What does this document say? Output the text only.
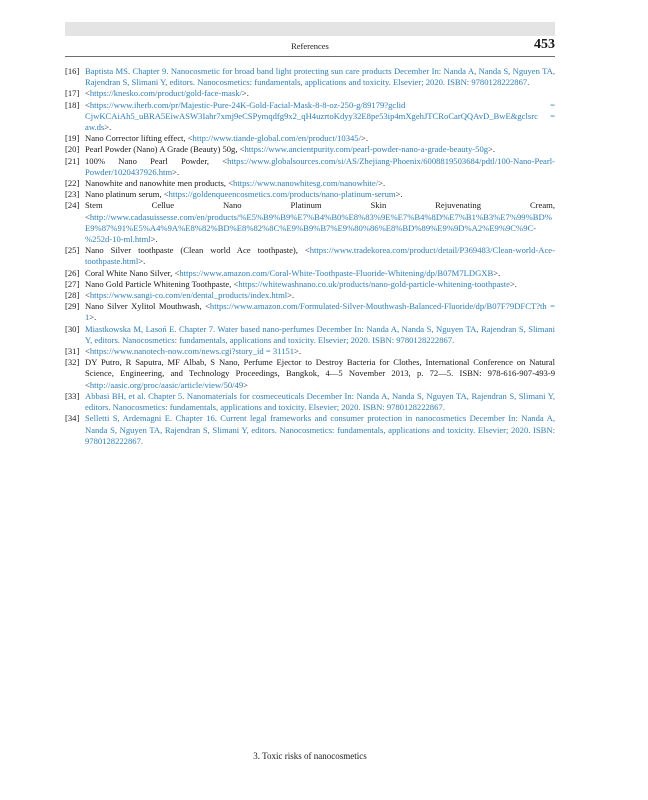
References	453
[16] Baptista MS. Chapter 9. Nanocosmetic for broad band light protecting sun care products December In: Nanda A, Nanda S, Nguyen TA, Rajendran S, Slimani Y, editors. Nanocosmetics: fundamentals, applications and toxicity. Elsevier; 2020. ISBN: 9780128222867.
[17] <https://knesko.com/product/gold-face-mask/>.
[18] <https://www.iherb.com/pr/Majestic-Pure-24K-Gold-Facial-Mask-8-8-oz-250-g/89179?gclid = CjwKCAiAh5_uBRA5EiwASW3Iahr7xmj9eCSPymqdfg9x2_qH4uzrtoKdyy32E8pe53ip4mXgehJTCRoCarQQAvD_BwE&gclsrc = aw.ds>.
[19] Nano Corrector lifting effect, <http://www.tiande-global.com/en/product/10345/>.
[20] Pearl Powder (Nano) A Grade (Beauty) 50g, <https://www.ancientpurity.com/pearl-powder-nano-a-grade-beauty-50g>.
[21] 100% Nano Pearl Powder, <https://www.globalsources.com/si/AS/Zhejiang-Phoenix/6008819503684/pdtl/100-Nano-Pearl-Powder/1020437926.htm>.
[22] Nanowhite and nanowhite men products, <https://www.nanowhitesg.com/nanowhite/>.
[23] Nano platinum serum, <https://goldenqueencosmetics.com/products/nano-platinum-serum>.
[24] Stem Cellue Nano Platinum Skin Rejuvenating Cream, <http://www.cadasuissesse.com/en/products/%E5%B9%B9%E7%B4%B0%E8%83%9E%E7%B4%8D%E7%B1%B3%E7%99%BD%E9%87%91%E5%A4%9A%E8%82%BD%E8%82%8C%E9%B9%B7%E9%80%86%E8%BD%89%E9%9D%A2%E9%9C%9C-%252d-10-ml.html>.
[25] Nano Silver toothpaste (Clean world Ace toothpaste), <https://www.tradekorea.com/product/detail/P369483/Clean-world-Ace-toothpaste.html>.
[26] Coral White Nano Silver, <https://www.amazon.com/Coral-White-Toothpaste-Fluoride-Whitening/dp/B07M7LDGXB>.
[27] Nano Gold Particle Whitening Toothpaste, <https://whitewashnano.co.uk/products/nano-gold-particle-whitening-toothpaste>.
[28] <https://www.sangi-co.com/en/dental_products/index.html>.
[29] Nano Silver Xylitol Mouthwash, <https://www.amazon.com/Formulated-Silver-Mouthwash-Balanced-Fluoride/dp/B07F79DFCT?th = 1>.
[30] Miastkowska M, Lasoń E. Chapter 7. Water based nano-perfumes December In: Nanda A, Nanda S, Nguyen TA, Rajendran S, Slimani Y, editors. Nanocosmetics: fundamentals, applications and toxicity. Elsevier; 2020. ISBN: 9780128222867.
[31] <https://www.nanotech-now.com/news.cgi?story_id = 31151>.
[32] DY Putro, R Saputra, MF Albab, S Nano, Perfume Ejector to Destroy Bacteria for Clothes, International Conference on Natural Science, Engineering, and Technology Proceedings, Bangkok, 4—5 November 2013, p. 72—5. ISBN: 978-616-907-493-9 <http://aasic.org/proc/aasic/article/view/50/49>
[33] Abbasi BH, et al. Chapter 5. Nanomaterials for cosmeceuticals December In: Nanda A, Nanda S, Nguyen TA, Rajendran S, Slimani Y, editors. Nanocosmetics: fundamentals, applications and toxicity. Elsevier; 2020. ISBN: 9780128222867.
[34] Selletti S, Ardemagni E. Chapter 16. Current legal frameworks and consumer protection in nanocosmetics December In: Nanda A, Nanda S, Nguyen TA, Rajendran S, Slimani Y, editors. Nanocosmetics: fundamentals, applications and toxicity. Elsevier; 2020. ISBN: 9780128222867.
3. Toxic risks of nanocosmetics
